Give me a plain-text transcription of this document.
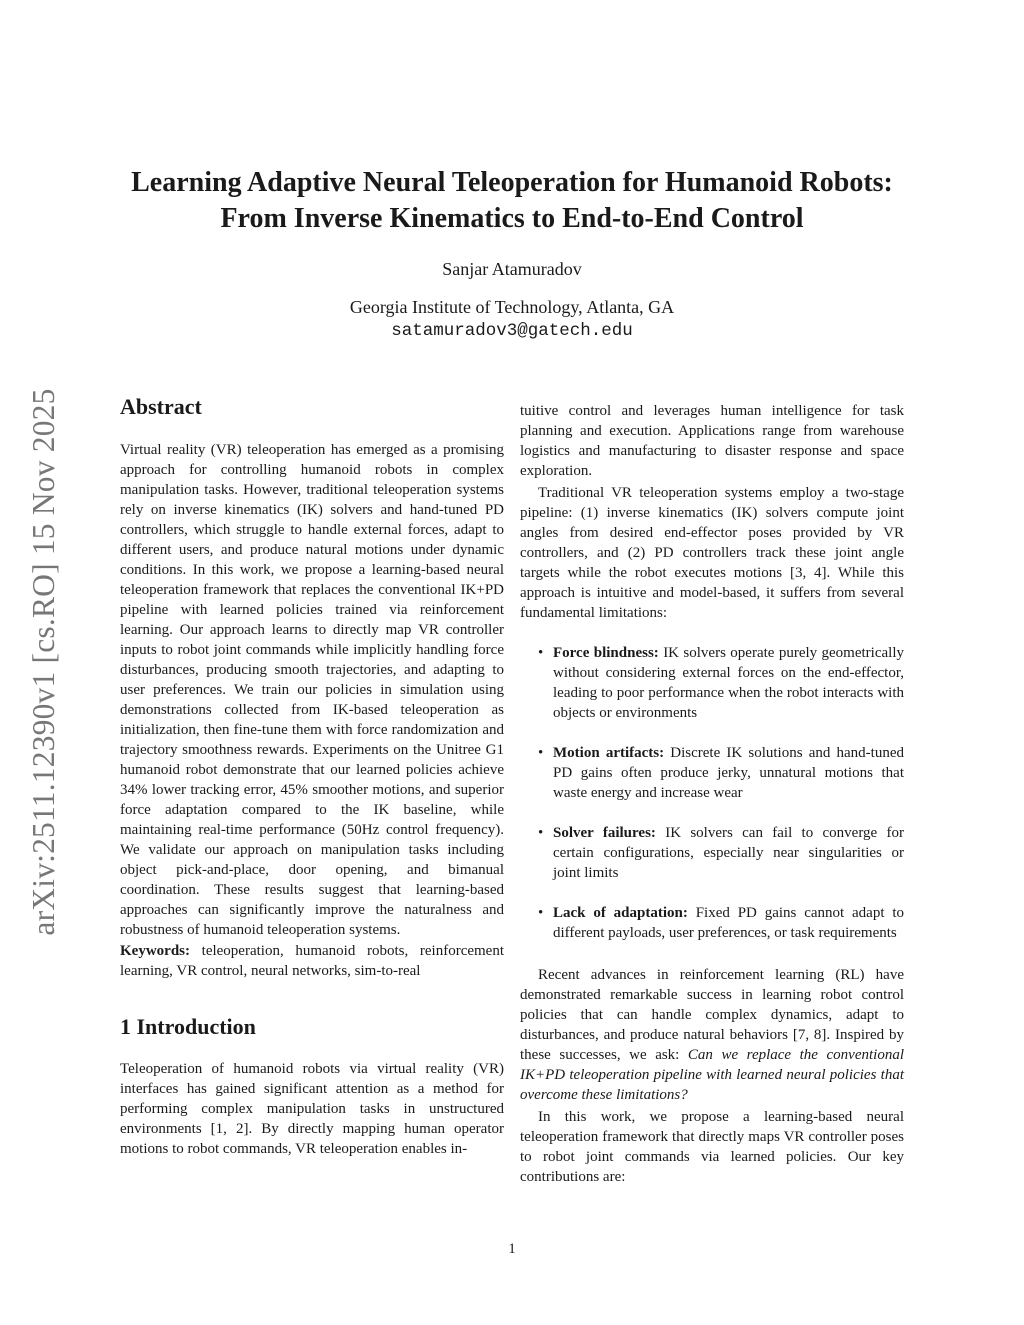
arXiv:2511.12390v1 [cs.RO] 15 Nov 2025
Learning Adaptive Neural Teleoperation for Humanoid Robots:
From Inverse Kinematics to End-to-End Control
Sanjar Atamuradov
Georgia Institute of Technology, Atlanta, GA
satamuradov3@gatech.edu
Abstract

Virtual reality (VR) teleoperation has emerged as a promising approach for controlling humanoid robots in complex manipulation tasks. However, traditional teleoperation systems rely on inverse kinematics (IK) solvers and hand-tuned PD controllers, which struggle to handle external forces, adapt to different users, and produce natural motions under dynamic conditions. In this work, we propose a learning-based neural teleoperation framework that replaces the conventional IK+PD pipeline with learned policies trained via reinforcement learning. Our approach learns to directly map VR controller inputs to robot joint commands while implicitly handling force disturbances, producing smooth trajectories, and adapting to user preferences. We train our policies in simulation using demonstrations collected from IK-based teleoperation as initialization, then fine-tune them with force randomization and trajectory smoothness rewards. Experiments on the Unitree G1 humanoid robot demonstrate that our learned policies achieve 34% lower tracking error, 45% smoother motions, and superior force adaptation compared to the IK baseline, while maintaining real-time performance (50Hz control frequency). We validate our approach on manipulation tasks including object pick-and-place, door opening, and bimanual coordination. These results suggest that learning-based approaches can significantly improve the naturalness and robustness of humanoid teleoperation systems.

Keywords: teleoperation, humanoid robots, reinforcement learning, VR control, neural networks, sim-to-real

1 Introduction

Teleoperation of humanoid robots via virtual reality (VR) interfaces has gained significant attention as a method for performing complex manipulation tasks in unstructured environments [1, 2]. By directly mapping human operator motions to robot commands, VR teleoperation enables in-

tuitive control and leverages human intelligence for task planning and execution. Applications range from warehouse logistics and manufacturing to disaster response and space exploration.

Traditional VR teleoperation systems employ a two-stage pipeline: (1) inverse kinematics (IK) solvers compute joint angles from desired end-effector poses provided by VR controllers, and (2) PD controllers track these joint angle targets while the robot executes motions [3, 4]. While this approach is intuitive and model-based, it suffers from several fundamental limitations:

• Force blindness: IK solvers operate purely geometrically without considering external forces on the end-effector, leading to poor performance when the robot interacts with objects or environments
• Motion artifacts: Discrete IK solutions and hand-tuned PD gains often produce jerky, unnatural motions that waste energy and increase wear
• Solver failures: IK solvers can fail to converge for certain configurations, especially near singularities or joint limits
• Lack of adaptation: Fixed PD gains cannot adapt to different payloads, user preferences, or task requirements

Recent advances in reinforcement learning (RL) have demonstrated remarkable success in learning robot control policies that can handle complex dynamics, adapt to disturbances, and produce natural behaviors [7, 8]. Inspired by these successes, we ask: Can we replace the conventional IK+PD teleoperation pipeline with learned neural policies that overcome these limitations?

In this work, we propose a learning-based neural teleoperation framework that directly maps VR controller poses to robot joint commands via learned policies. Our key contributions are:

1
